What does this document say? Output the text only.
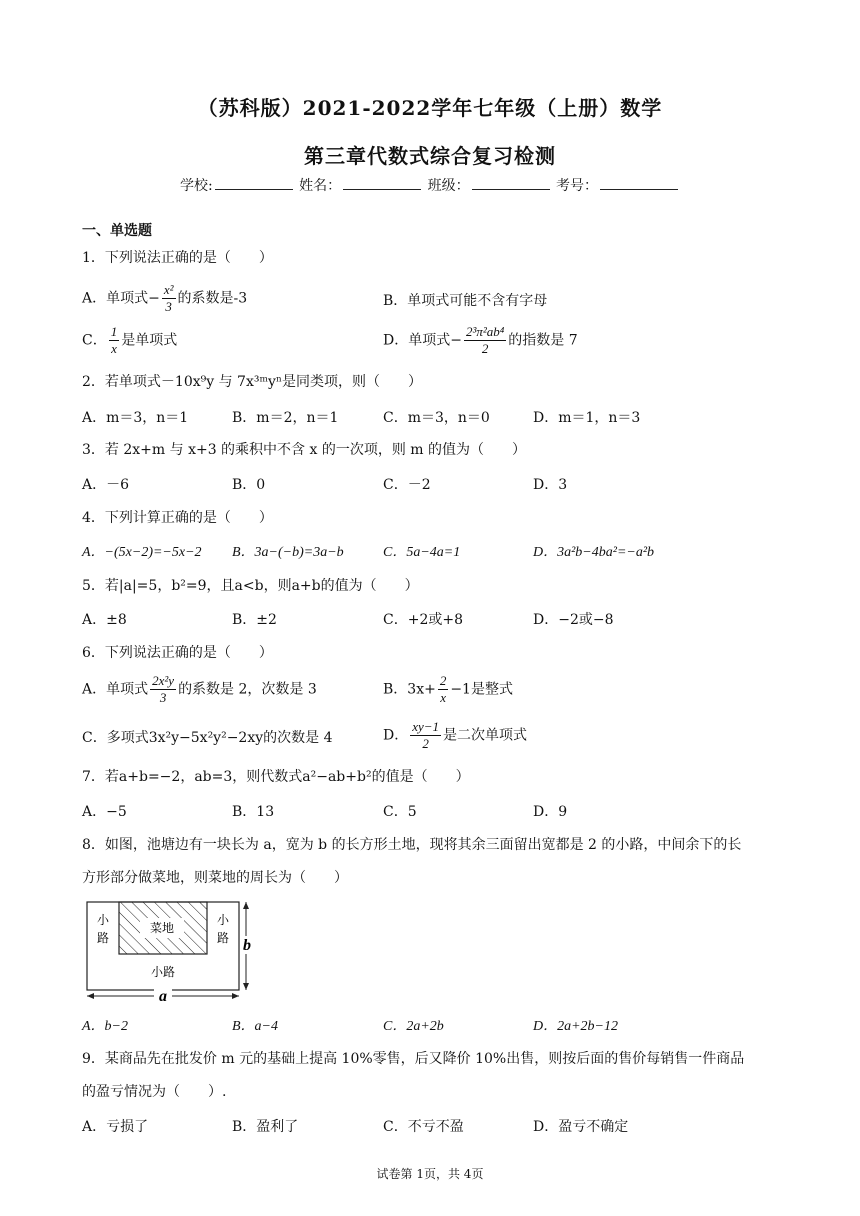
（苏科版）2021-2022学年七年级（上册）数学
第三章代数式综合复习检测
学校:	姓名：	班级：	考号：
一、单选题
1．下列说法正确的是（　　）
A．单项式− $\frac{\text{x²}}{3}$ 的系数是-3	B．单项式可能不含有字母
C． $\frac{1}{x}$ 是单项式	D．单项式− $\frac{\text{2³π²ab⁴}}{2}$ 的指数是 7
2．若单项式－10x⁹y 与 7x³ᵐyⁿ是同类项，则（　　）
A．m＝3，n＝1	B．m＝2，n＝1	C．m＝3，n＝0	D．m＝1，n＝3
3．若 2x+m 与 x+3 的乘积中不含 x 的一次项，则 m 的值为（　　）
A．－6	B．0	C．－2	D．3
4．下列计算正确的是（　　）
A．−(5x−2)=−5x−2 B．3a−(−b)=3a−b	C．5a−4a=1	D．3a²b−4ba²=−a²b
5．若|a|=5，b²=9，且a<b，则a+b的值为（　　）
A．±8	B．±2	C．+2或+8	D．−2或−8
6．下列说法正确的是（　　）
A．单项式 $\frac{\text{2x²y}}{3}$ 的系数是 2，次数是 3	B．$3x+ \frac{2}{x} -1$是整式
C．多项式3x²y−5x²y²−2xy的次数是 4	D． $\frac{xy-1}{2}$ 是二次单项式
7．若a+b=−2，ab=3，则代数式a²−ab+b²的值是（　　）
A．−5	B．13	C．5	D．9
8．如图，池塘边有一块长为 a，宽为 b 的长方形土地，现将其余三面留出宽都是 2 的小路，中间余下的长
方形部分做菜地，则菜地的周长为（　　）
菜地
小
路
小
路
小路
b
a
A．b−2	B．a−4	C．2a+2b	D．2a+2b−12
9．某商品先在批发价 m 元的基础上提高 10%零售，后又降价 10%出售，则按后面的售价每销售一件商品
的盈亏情况为（　　）.
A．亏损了	B．盈利了	C．不亏不盈	D．盈亏不确定
试卷第 1页，共 4页
